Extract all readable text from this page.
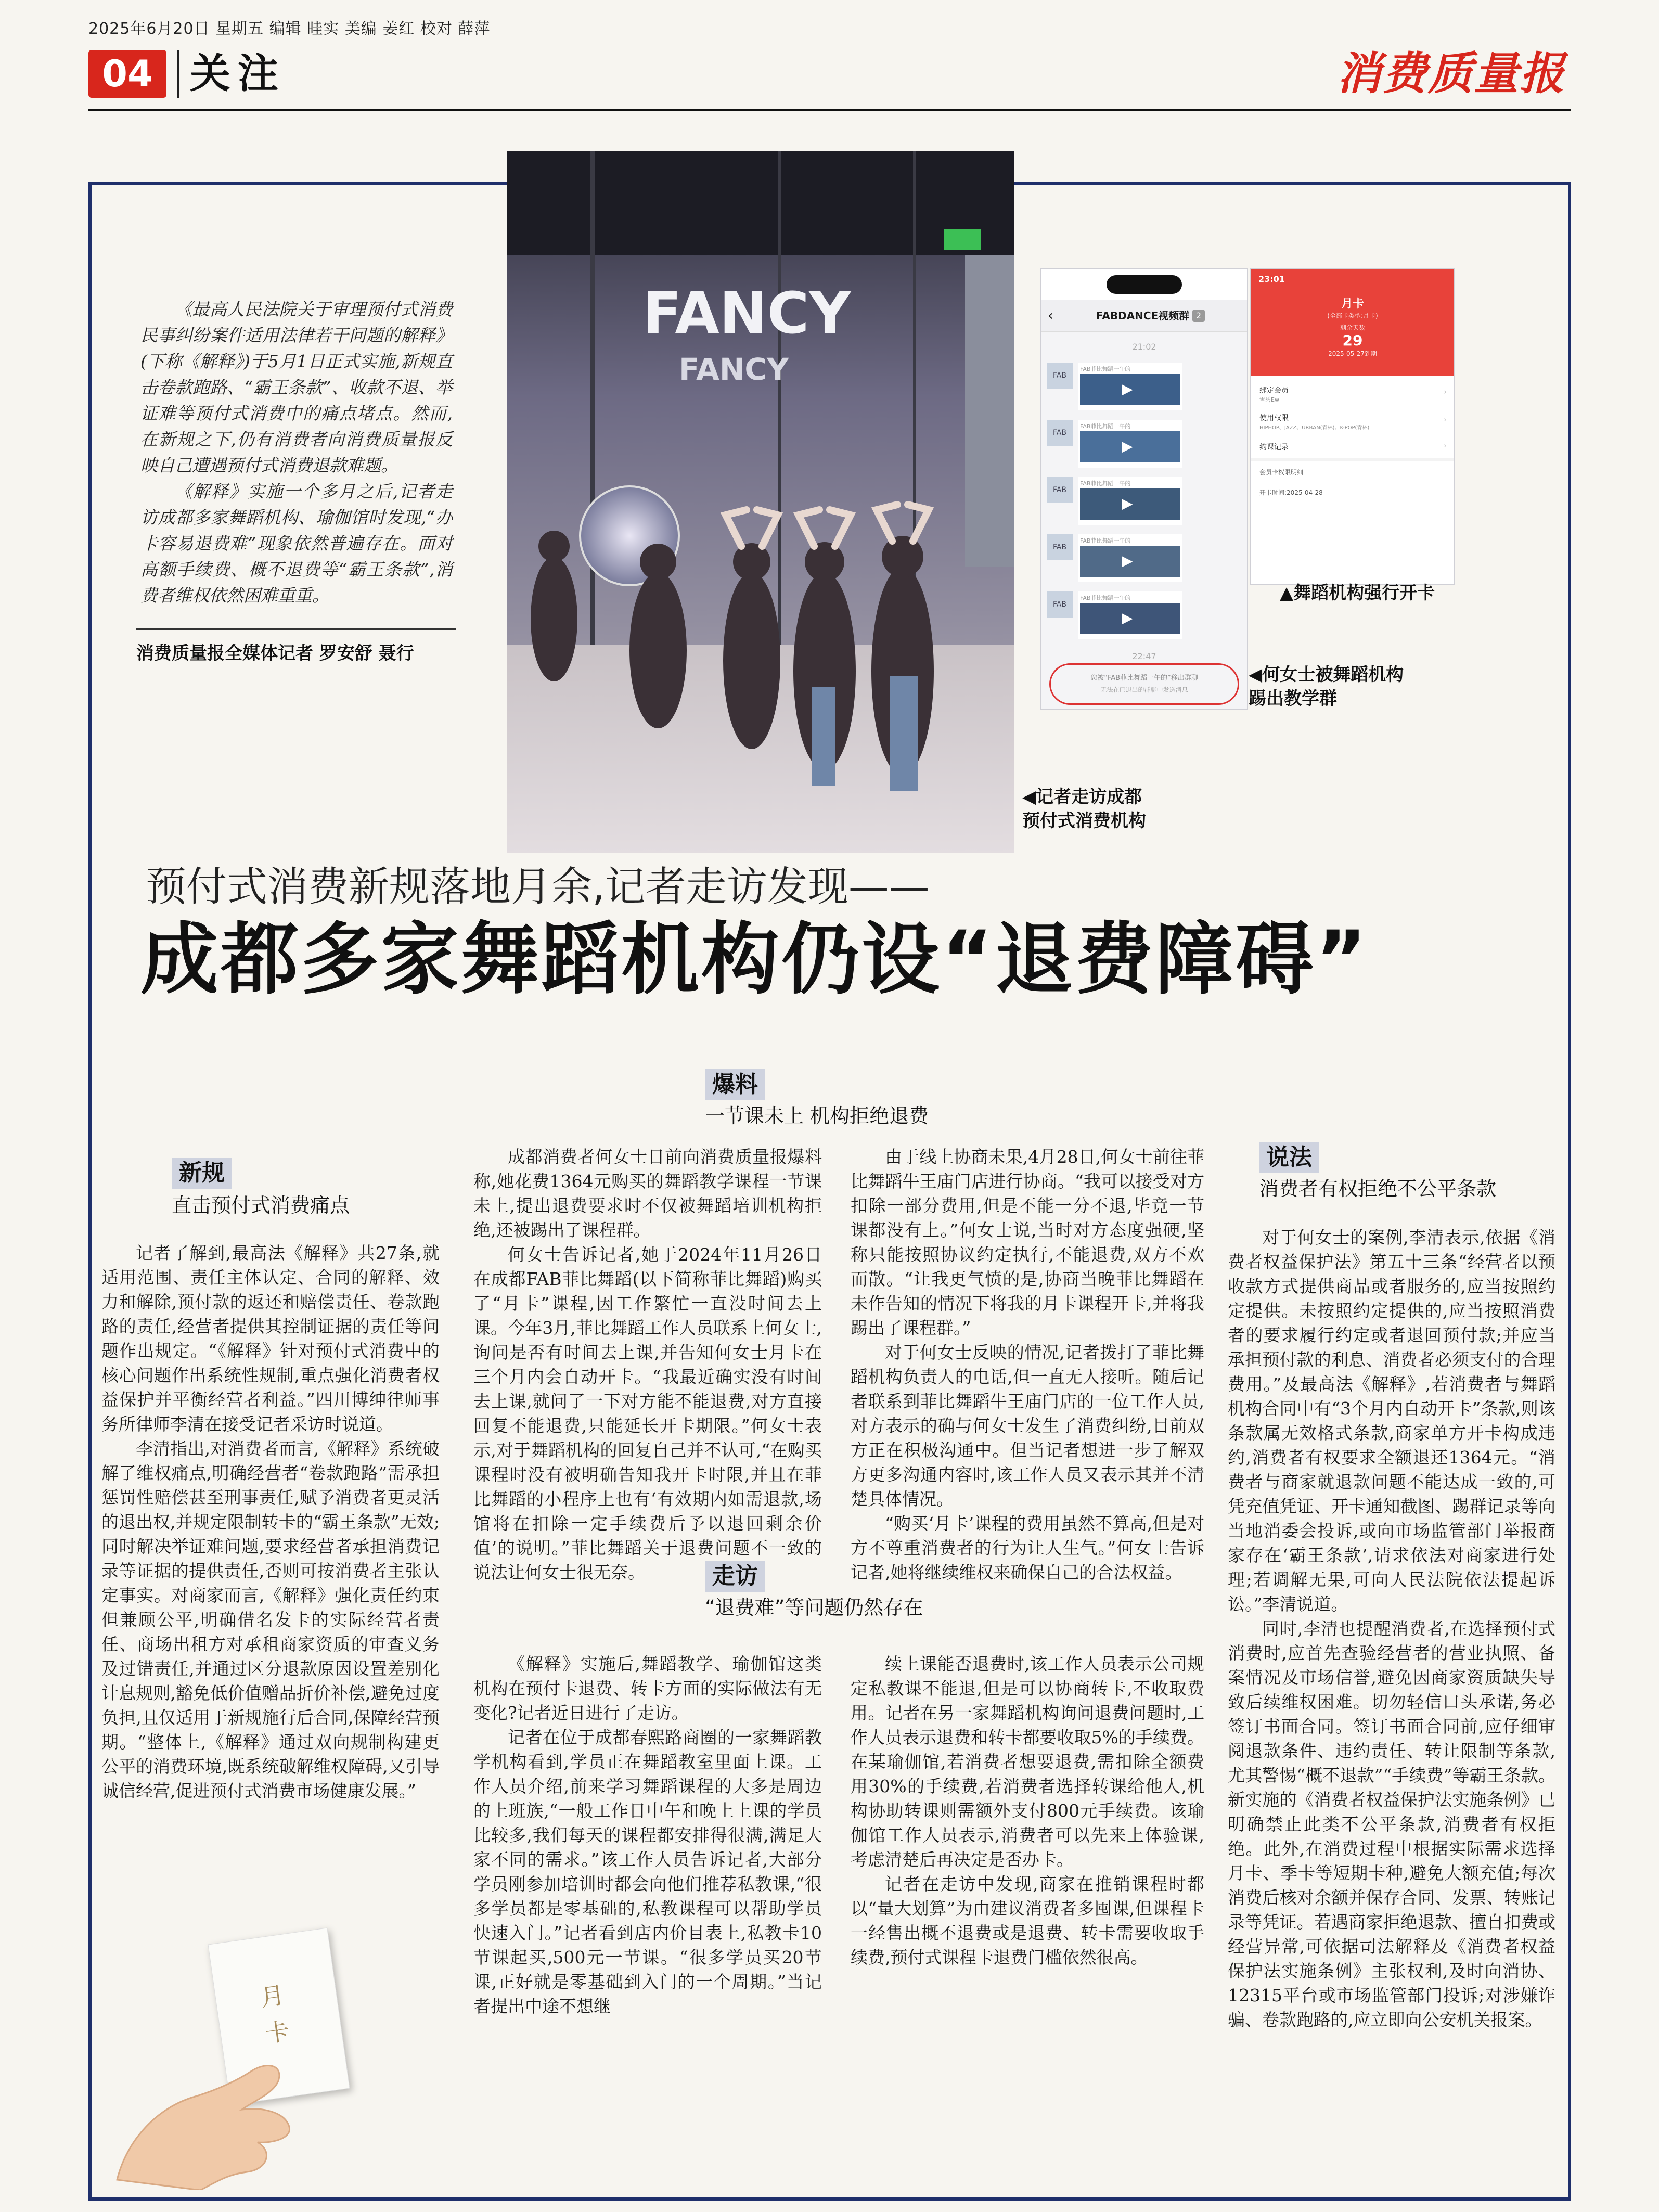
2025年6月20日 星期五 编辑 眭实 美编 姜红 校对 薛萍
04 关注	消费质量报

《最高人民法院关于审理预付式消费民事纠纷案件适用法律若干问题的解释》(下称《解释》)于5月1日正式实施,新规直击卷款跑路、“霸王条款”、收款不退、举证难等预付式消费中的痛点堵点。然而,在新规之下,仍有消费者向消费质量报反映自己遭遇预付式消费退款难题。

《解释》实施一个多月之后,记者走访成都多家舞蹈机构、瑜伽馆时发现,“办卡容易退费难”现象依然普遍存在。面对高额手续费、概不退费等“霸王条款”,消费者维权依然困难重重。

消费质量报全媒体记者 罗安舒 聂行
FANCY
FANCY
◀记者走访成都
预付式消费机构
‹	FABDANCE视频群 2
21:02
FAB
FAB菲比舞蹈一午的
▶
FAB
FAB菲比舞蹈一午的
▶
FAB
FAB菲比舞蹈一午的
▶
FAB
FAB菲比舞蹈一午的
▶
FAB
FAB菲比舞蹈一午的
▶
22:47
您被“FAB菲比舞蹈一午的”移出群聊
无法在已退出的群聊中发送消息
◀何女士被舞蹈机构
踢出教学群
23:01
月卡
(全部卡类型:月卡)
剩余天数
29
2025-05-27到期
绑定会员
雪碧Ew
›
使用权限
HIPHOP、JAZZ、URBAN(青林)、K-POP(青林)
›
约课记录	›
会员卡权限明细
开卡时间:2025-04-28
▲舞蹈机构强行开卡
预付式消费新规落地月余,记者走访发现——
成都多家舞蹈机构仍设“退费障碍”
新规
直击预付式消费痛点

记者了解到,最高法《解释》共27条,就适用范围、责任主体认定、合同的解释、效力和解除,预付款的返还和赔偿责任、卷款跑路的责任,经营者提供其控制证据的责任等问题作出规定。“《解释》针对预付式消费中的核心问题作出系统性规制,重点强化消费者权益保护并平衡经营者利益。”四川博绅律师事务所律师李清在接受记者采访时说道。

李清指出,对消费者而言,《解释》系统破解了维权痛点,明确经营者“卷款跑路”需承担惩罚性赔偿甚至刑事责任,赋予消费者更灵活的退出权,并规定限制转卡的“霸王条款”无效;同时解决举证难问题,要求经营者承担消费记录等证据的提供责任,否则可按消费者主张认定事实。对商家而言,《解释》强化责任约束但兼顾公平,明确借名发卡的实际经营者责任、商场出租方对承租商家资质的审查义务及过错责任,并通过区分退款原因设置差别化计息规则,豁免低价值赠品折价补偿,避免过度负担,且仅适用于新规施行后合同,保障经营预期。“整体上,《解释》通过双向规制构建更公平的消费环境,既系统破解维权障碍,又引导诚信经营,促进预付式消费市场健康发展。”

爆料
一节课未上 机构拒绝退费

成都消费者何女士日前向消费质量报爆料称,她花费1364元购买的舞蹈教学课程一节课未上,提出退费要求时不仅被舞蹈培训机构拒绝,还被踢出了课程群。

何女士告诉记者,她于2024年11月26日在成都FAB菲比舞蹈(以下简称菲比舞蹈)购买了“月卡”课程,因工作繁忙一直没时间去上课。今年3月,菲比舞蹈工作人员联系上何女士,询问是否有时间去上课,并告知何女士月卡在三个月内会自动开卡。“我最近确实没有时间去上课,就问了一下对方能不能退费,对方直接回复不能退费,只能延长开卡期限。”何女士表示,对于舞蹈机构的回复自己并不认可,“在购买课程时没有被明确告知我开卡时限,并且在菲比舞蹈的小程序上也有‘有效期内如需退款,场馆将在扣除一定手续费后予以退回剩余价值’的说明。”菲比舞蹈关于退费问题不一致的说法让何女士很无奈。

由于线上协商未果,4月28日,何女士前往菲比舞蹈牛王庙门店进行协商。“我可以接受对方扣除一部分费用,但是不能一分不退,毕竟一节课都没有上。”何女士说,当时对方态度强硬,坚称只能按照协议约定执行,不能退费,双方不欢而散。“让我更气愤的是,协商当晚菲比舞蹈在未作告知的情况下将我的月卡课程开卡,并将我踢出了课程群。”

对于何女士反映的情况,记者拨打了菲比舞蹈机构负责人的电话,但一直无人接听。随后记者联系到菲比舞蹈牛王庙门店的一位工作人员,对方表示的确与何女士发生了消费纠纷,目前双方正在积极沟通中。但当记者想进一步了解双方更多沟通内容时,该工作人员又表示其并不清楚具体情况。

“购买‘月卡’课程的费用虽然不算高,但是对方不尊重消费者的行为让人生气。”何女士告诉记者,她将继续维权来确保自己的合法权益。

走访
“退费难”等问题仍然存在

《解释》实施后,舞蹈教学、瑜伽馆这类机构在预付卡退费、转卡方面的实际做法有无变化?记者近日进行了走访。

记者在位于成都春熙路商圈的一家舞蹈教学机构看到,学员正在舞蹈教室里面上课。工作人员介绍,前来学习舞蹈课程的大多是周边的上班族,“一般工作日中午和晚上上课的学员比较多,我们每天的课程都安排得很满,满足大家不同的需求。”该工作人员告诉记者,大部分学员刚参加培训时都会向他们推荐私教课,“很多学员都是零基础的,私教课程可以帮助学员快速入门。”记者看到店内价目表上,私教卡10节课起买,500元一节课。“很多学员买20节课,正好就是零基础到入门的一个周期。”当记者提出中途不想继

续上课能否退费时,该工作人员表示公司规定私教课不能退,但是可以协商转卡,不收取费用。记者在另一家舞蹈机构询问退费问题时,工作人员表示退费和转卡都要收取5%的手续费。在某瑜伽馆,若消费者想要退费,需扣除全额费用30%的手续费,若消费者选择转课给他人,机构协助转课则需额外支付800元手续费。该瑜伽馆工作人员表示,消费者可以先来上体验课,考虑清楚后再决定是否办卡。

记者在走访中发现,商家在推销课程时都以“量大划算”为由建议消费者多囤课,但课程卡一经售出概不退费或是退费、转卡需要收取手续费,预付式课程卡退费门槛依然很高。

说法
消费者有权拒绝不公平条款

对于何女士的案例,李清表示,依据《消费者权益保护法》第五十三条“经营者以预收款方式提供商品或者服务的,应当按照约定提供。未按照约定提供的,应当按照消费者的要求履行约定或者退回预付款;并应当承担预付款的利息、消费者必须支付的合理费用。”及最高法《解释》,若消费者与舞蹈机构合同中有“3个月内自动开卡”条款,则该条款属无效格式条款,商家单方开卡构成违约,消费者有权要求全额退还1364元。“消费者与商家就退款问题不能达成一致的,可凭充值凭证、开卡通知截图、踢群记录等向当地消委会投诉,或向市场监管部门举报商家存在‘霸王条款’,请求依法对商家进行处理;若调解无果,可向人民法院依法提起诉讼。”李清说道。

同时,李清也提醒消费者,在选择预付式消费时,应首先查验经营者的营业执照、备案情况及市场信誉,避免因商家资质缺失导致后续维权困难。切勿轻信口头承诺,务必签订书面合同。签订书面合同前,应仔细审阅退款条件、违约责任、转让限制等条款,尤其警惕“概不退款”“手续费”等霸王条款。新实施的《消费者权益保护法实施条例》已明确禁止此类不公平条款,消费者有权拒绝。此外,在消费过程中根据实际需求选择月卡、季卡等短期卡种,避免大额充值;每次消费后核对余额并保存合同、发票、转账记录等凭证。若遇商家拒绝退款、擅自扣费或经营异常,可依据司法解释及《消费者权益保护法实施条例》主张权利,及时向消协、12315平台或市场监管部门投诉;对涉嫌诈骗、卷款跑路的,应立即向公安机关报案。

月卡
